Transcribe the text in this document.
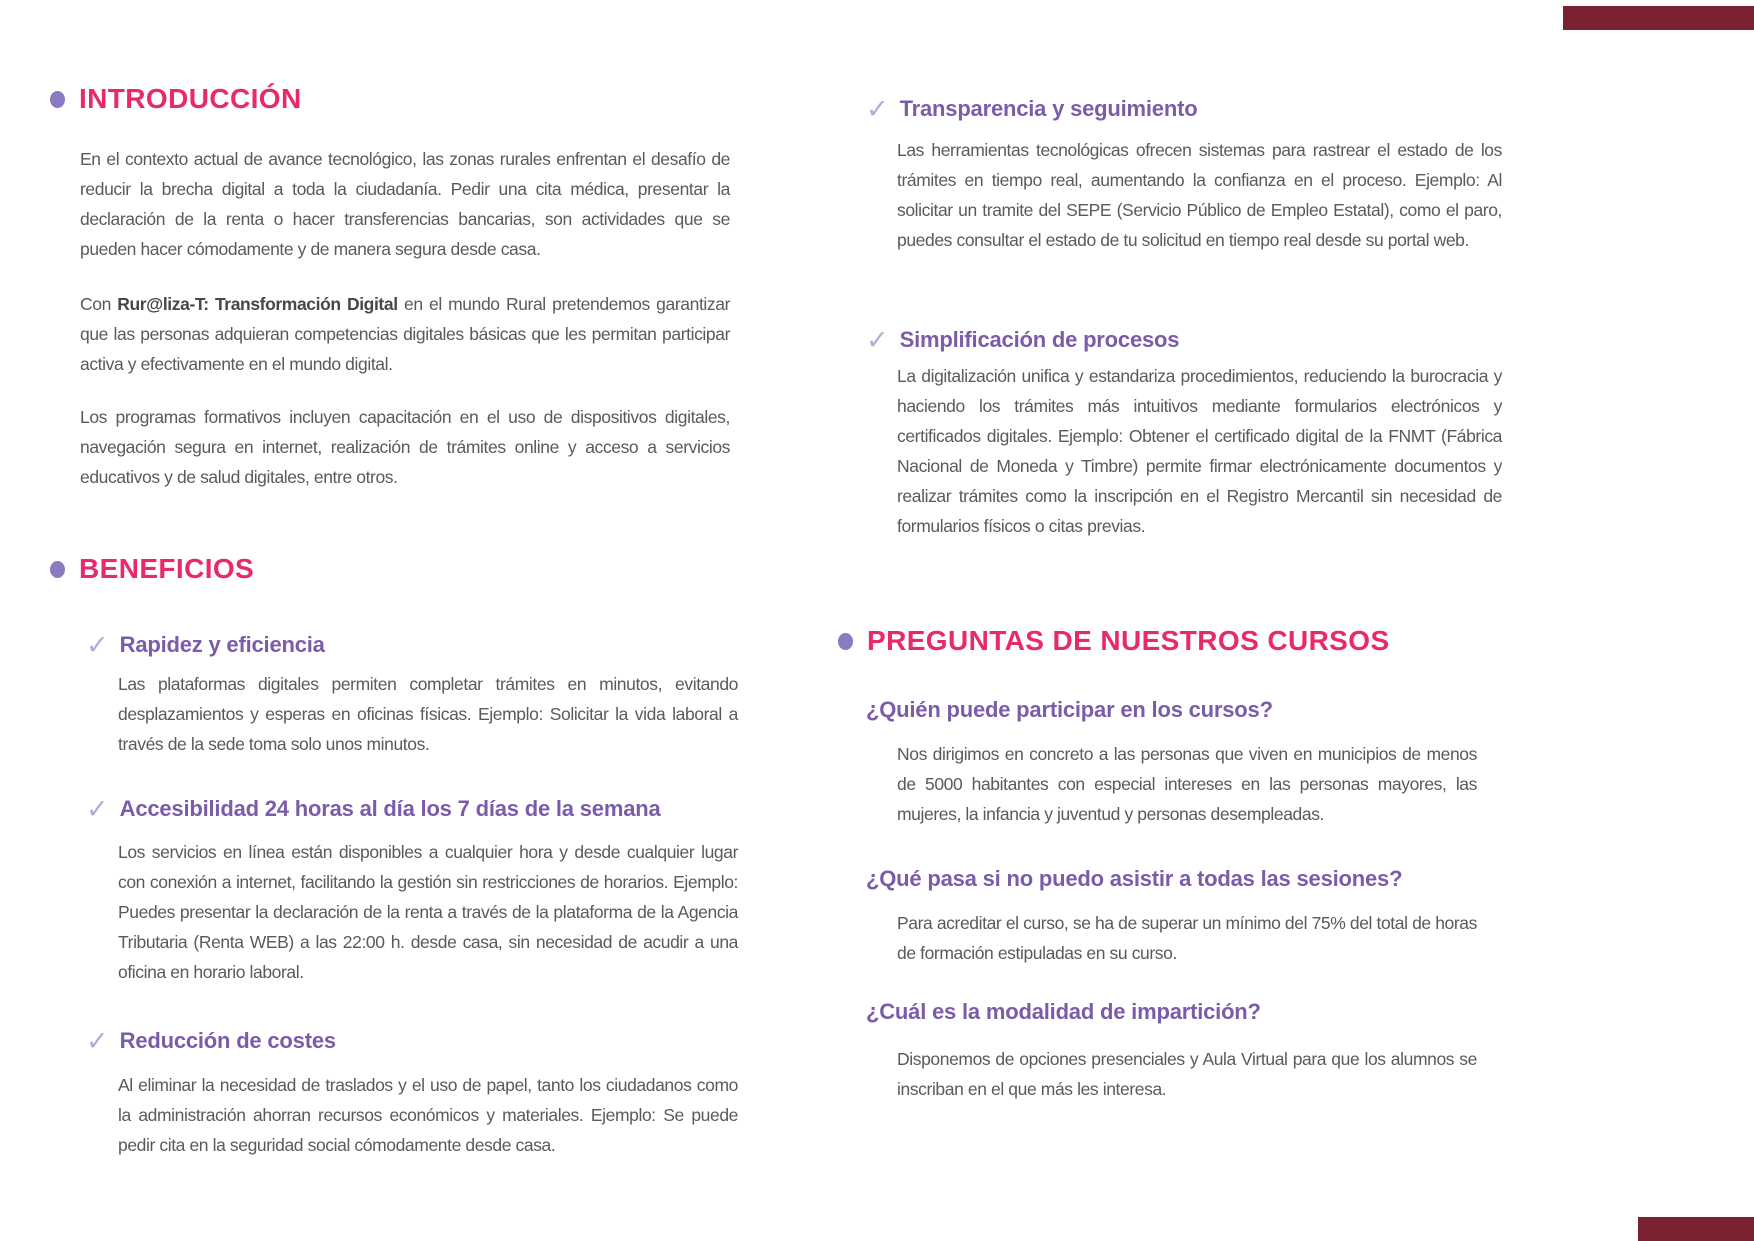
INTRODUCCIÓN

En el contexto actual de avance tecnológico, las zonas rurales enfrentan el desafío de reducir la brecha digital a toda la ciudadanía. Pedir una cita médica, presentar la declaración de la renta o hacer transferencias bancarias, son actividades que se pueden hacer cómodamente y de manera segura desde casa.

Con Rur@liza-T: Transformación Digital en el mundo Rural pretendemos garantizar que las personas adquieran competencias digitales básicas que les permitan participar activa y efectivamente en el mundo digital.

Los programas formativos incluyen capacitación en el uso de dispositivos digitales, navegación segura en internet, realización de trámites online y acceso a servicios educativos y de salud digitales, entre otros.

BENEFICIOS
✓ Rapidez y eficiencia

Las plataformas digitales permiten completar trámites en minutos, evitando desplazamientos y esperas en oficinas físicas. Ejemplo: Solicitar la vida laboral a través de la sede toma solo unos minutos.

✓ Accesibilidad 24 horas al día los 7 días de la semana

Los servicios en línea están disponibles a cualquier hora y desde cualquier lugar con conexión a internet, facilitando la gestión sin restricciones de horarios. Ejemplo: Puedes presentar la declaración de la renta a través de la plataforma de la Agencia Tributaria (Renta WEB) a las 22:00 h. desde casa, sin necesidad de acudir a una oficina en horario laboral.

✓ Reducción de costes

Al eliminar la necesidad de traslados y el uso de papel, tanto los ciudadanos como la administración ahorran recursos económicos y materiales. Ejemplo: Se puede pedir cita en la seguridad social cómodamente desde casa.

✓ Transparencia y seguimiento

Las herramientas tecnológicas ofrecen sistemas para rastrear el estado de los trámites en tiempo real, aumentando la confianza en el proceso. Ejemplo: Al solicitar un tramite del SEPE (Servicio Público de Empleo Estatal), como el paro, puedes consultar el estado de tu solicitud en tiempo real desde su portal web.

✓ Simplificación de procesos

La digitalización unifica y estandariza procedimientos, reduciendo la burocracia y haciendo los trámites más intuitivos mediante formularios electrónicos y certificados digitales. Ejemplo: Obtener el certificado digital de la FNMT (Fábrica Nacional de Moneda y Timbre) permite firmar electrónicamente documentos y realizar trámites como la inscripción en el Registro Mercantil sin necesidad de formularios físicos o citas previas.

PREGUNTAS DE NUESTROS CURSOS
¿Quién puede participar en los cursos?

Nos dirigimos en concreto a las personas que viven en municipios de menos de 5000 habitantes con especial intereses en las personas mayores, las mujeres, la infancia y juventud y personas desempleadas.

¿Qué pasa si no puedo asistir a todas las sesiones?

Para acreditar el curso, se ha de superar un mínimo del 75% del total de horas de formación estipuladas en su curso.

¿Cuál es la modalidad de impartición?

Disponemos de opciones presenciales y Aula Virtual para que los alumnos se inscriban en el que más les interesa.
